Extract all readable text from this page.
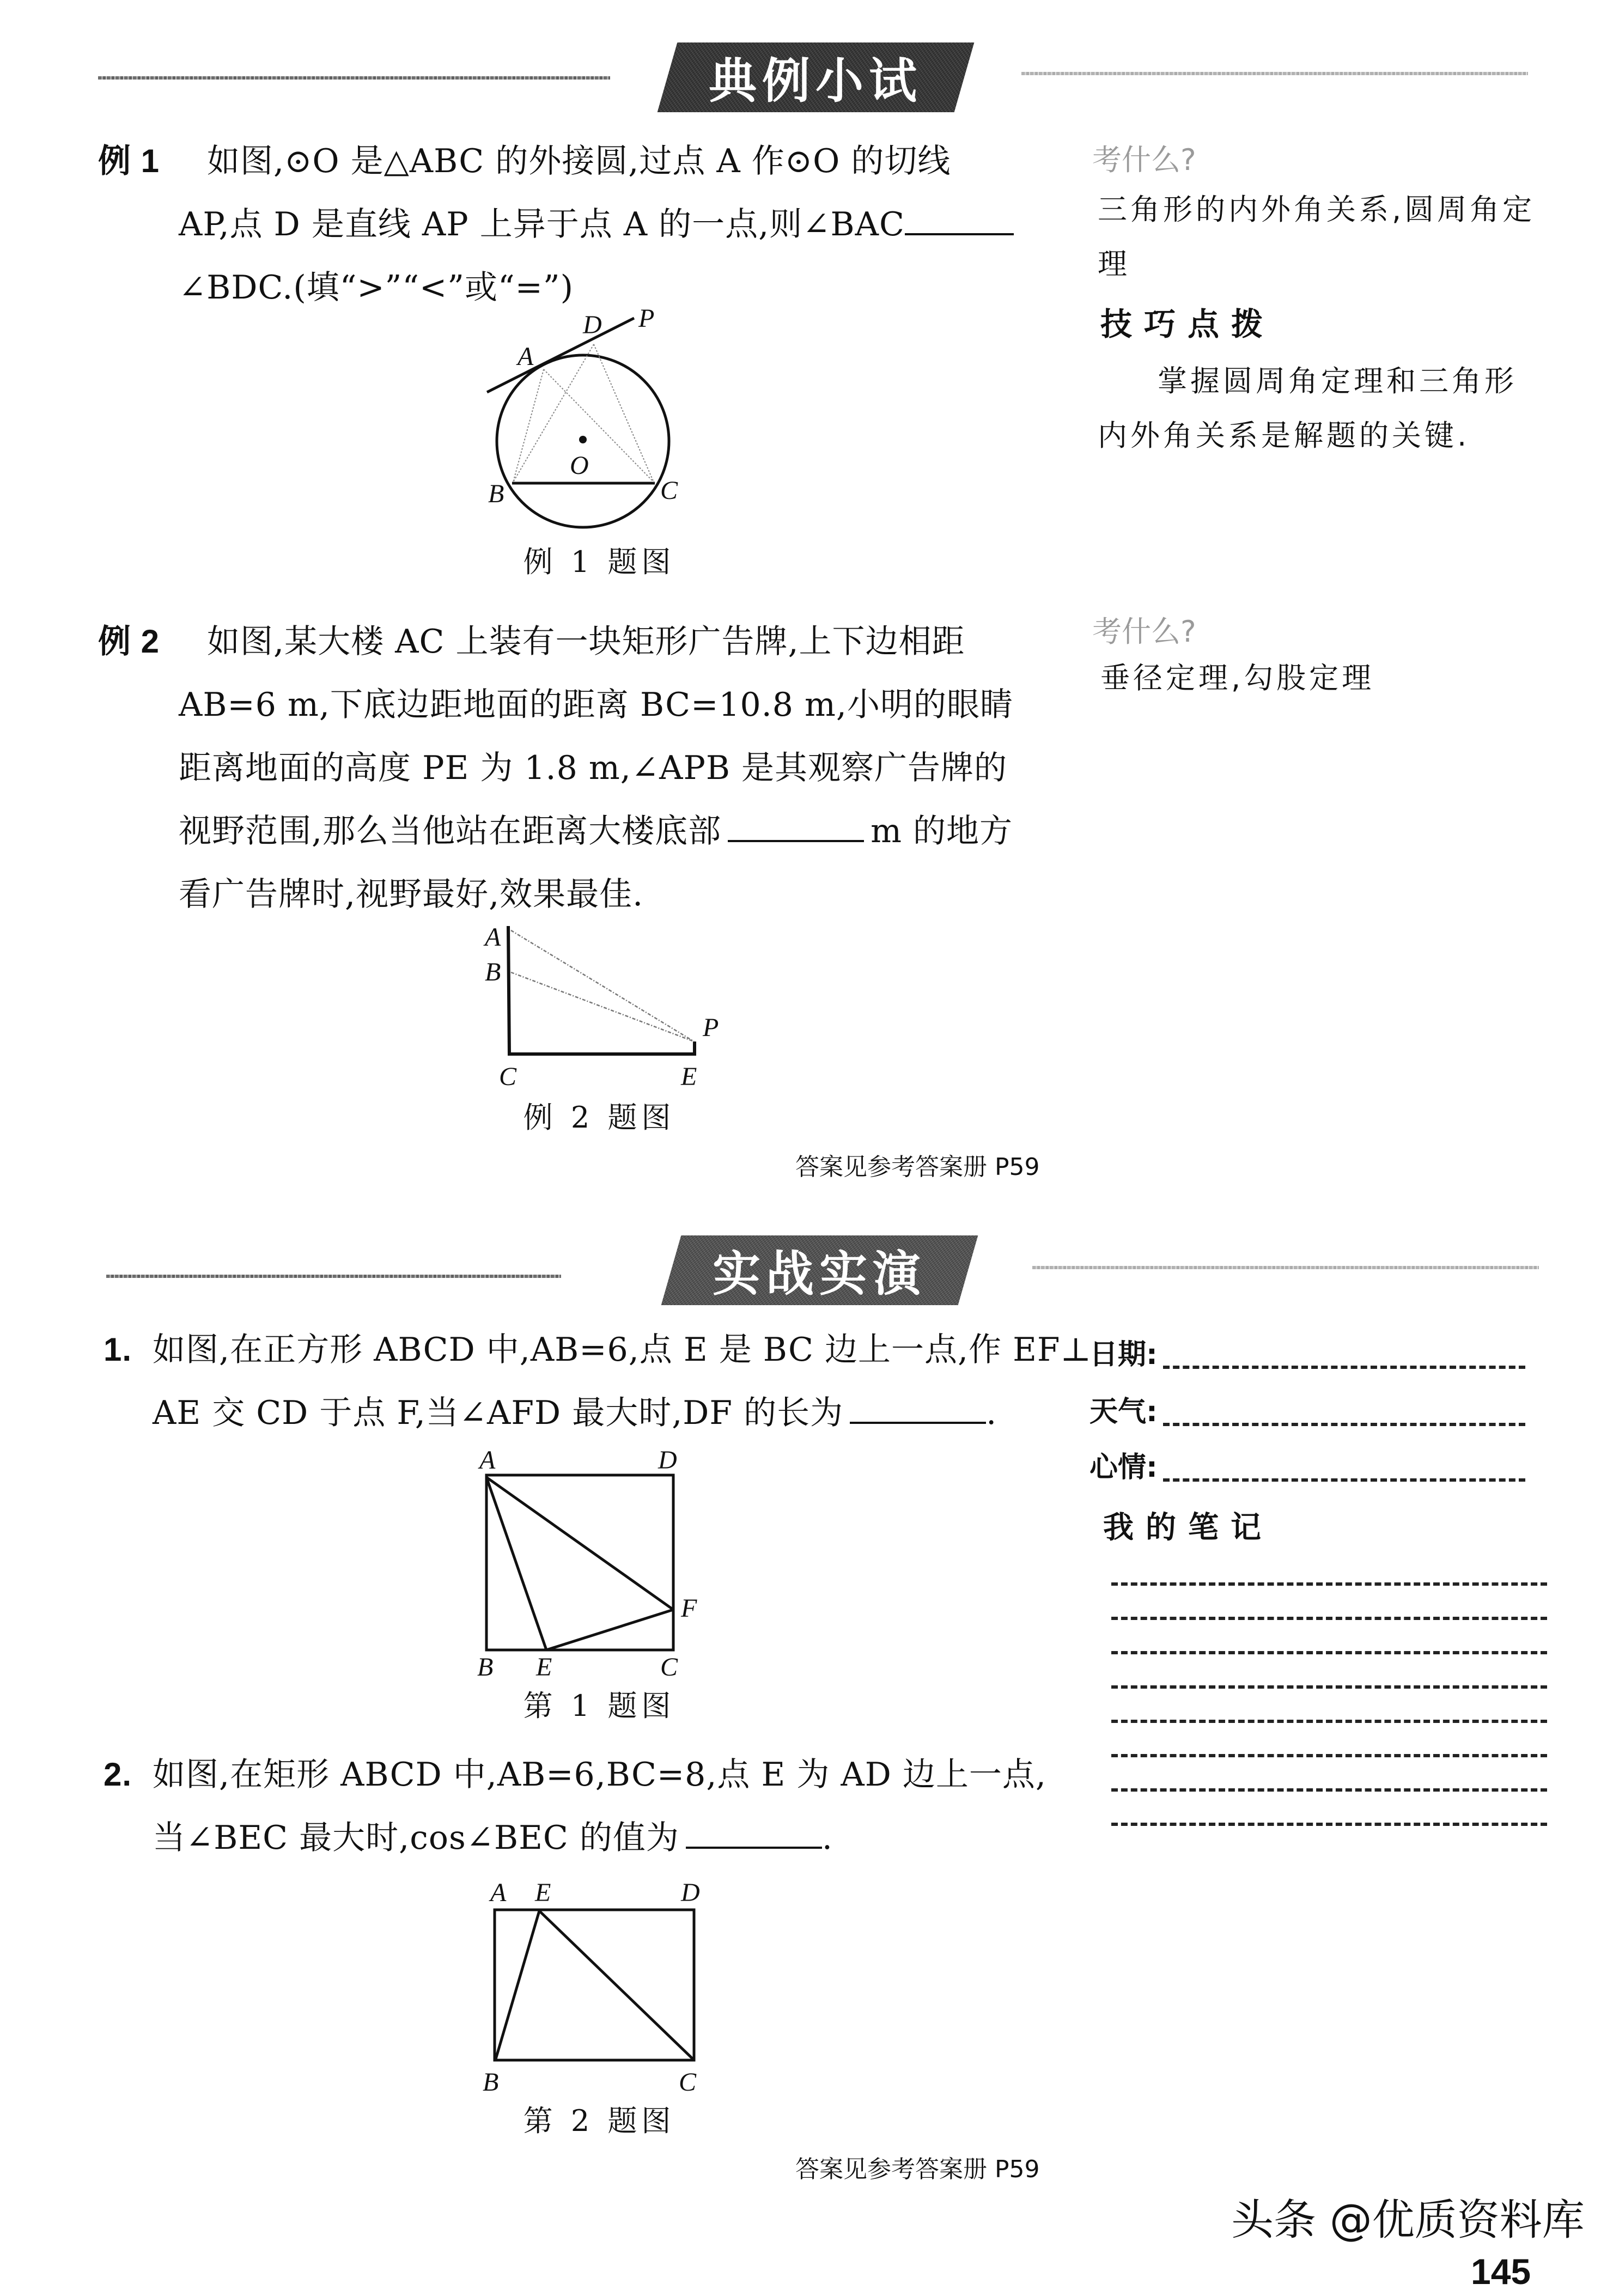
典例小试
例 1 如图,⊙O 是△ABC 的外接圆,过点 A 作⊙O 的切线
AP,点 D 是直线 AP 上异于点 A 的一点,则∠BAC
∠BDC.(填“>”“<”或“=”)
P
D
A
O
B	C
例 1 题图
考什么?
三角形的内外角关系,圆周角定理
技巧点拨
掌握圆周角定理和三角形内外角关系是解题的关键.
例 2 如图,某大楼 AC 上装有一块矩形广告牌,上下边相距
AB=6 m,下底边距地面的距离 BC=10.8 m,小明的眼睛
距离地面的高度 PE 为 1.8 m,∠APB 是其观察广告牌的
视野范围,那么当他站在距离大楼底部	m 的地方
看广告牌时,视野最好,效果最佳.
A
B
P
C	E
例 2 题图
考什么?
垂径定理,勾股定理
答案见参考答案册 P59
实战实演
1. 如图,在正方形 ABCD 中,AB=6,点 E 是 BC 边上一点,作 EF⊥
AE 交 CD 于点 F,当∠AFD 最大时,DF 的长为	.
A	D
F
B E	C
第 1 题图
2. 如图,在矩形 ABCD 中,AB=6,BC=8,点 E 为 AD 边上一点,
当∠BEC 最大时,cos∠BEC 的值为	.
A E	D
B	C
第 2 题图
日期:
天气:
心情:
我的笔记
答案见参考答案册 P59
头条 @优质资料库
145
